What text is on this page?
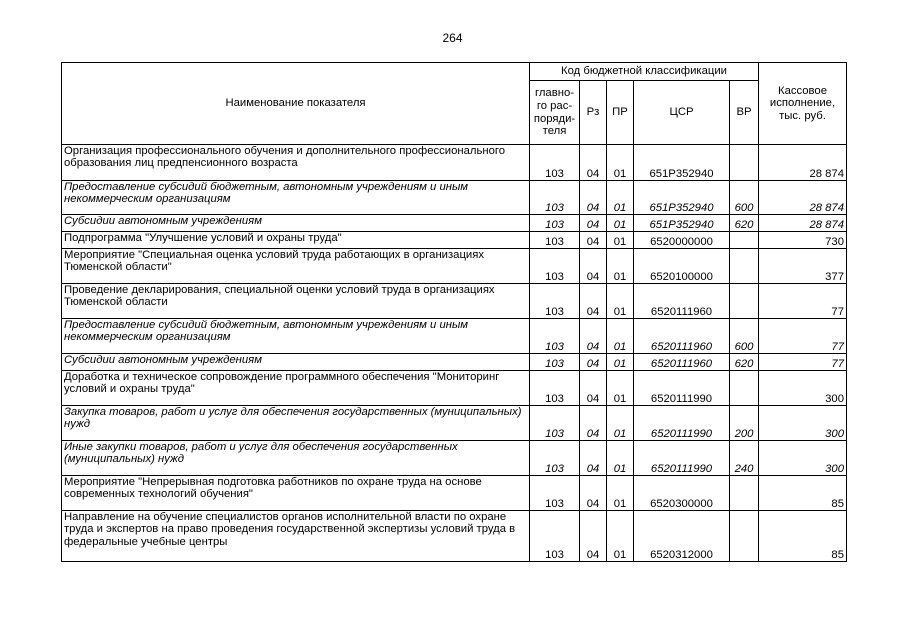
264
Наименование показателя	Код бюджетной классификации					Кассовое исполнение, тыс. руб.
	главно-го рас-поряди-теля	Рз	ПР	ЦСР	ВР	
Организация профессионального обучения и дополнительного профессионального образования лиц предпенсионного возраста	103	04	01	651P352940		28 874
Предоставление субсидий бюджетным, автономным учреждениям и иным некоммерческим организациям	103	04	01	651P352940	600	28 874
Субсидии автономным учреждениям	103	04	01	651P352940	620	28 874
Подпрограмма "Улучшение условий и охраны труда"	103	04	01	6520000000		730
Мероприятие "Специальная оценка условий труда работающих в организациях Тюменской области"	103	04	01	6520100000		377
Проведение декларирования, специальной оценки условий труда в организациях Тюменской области	103	04	01	6520111960		77
Предоставление субсидий бюджетным, автономным учреждениям и иным некоммерческим организациям	103	04	01	6520111960	600	77
Субсидии автономным учреждениям	103	04	01	6520111960	620	77
Доработка и техническое сопровождение программного обеспечения "Мониторинг условий и охраны труда"	103	04	01	6520111990		300
Закупка товаров, работ и услуг для обеспечения государственных (муниципальных) нужд	103	04	01	6520111990	200	300
Иные закупки товаров, работ и услуг для обеспечения государственных (муниципальных) нужд	103	04	01	6520111990	240	300
Мероприятие "Непрерывная подготовка работников по охране труда на основе современных технологий обучения"	103	04	01	6520300000		85
Направление на обучение специалистов органов исполнительной власти по охране труда и экспертов на право проведения государственной экспертизы условий труда в федеральные учебные центры	103	04	01	6520312000		85
